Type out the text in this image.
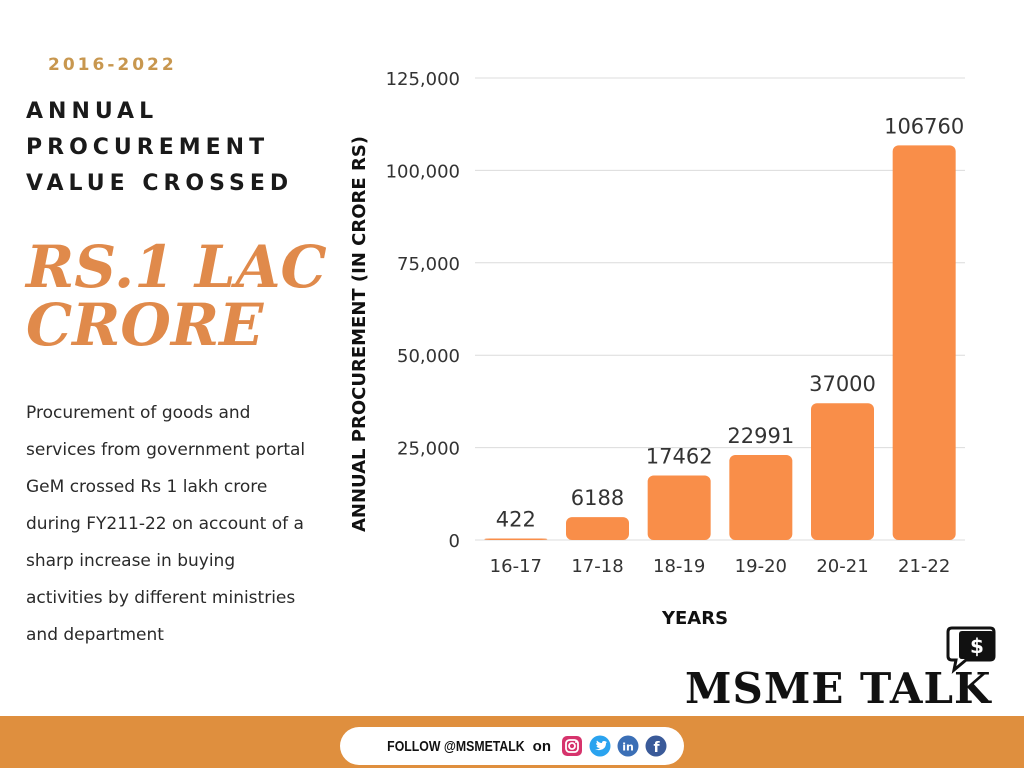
2016-2022
ANNUAL
PROCUREMENT
VALUE CROSSED
RS.1 LAC
CRORE
Procurement of goods and services from government portal GeM crossed Rs 1 lakh crore during FY211-22 on account of a sharp increase in buying activities by different ministries and department
0
25,000
50,000
75,000
100,000
125,000
422
16-17
6188
17-18
17462
18-19
22991
19-20
37000
20-21
106760
21-22
YEARS
ANNUAL PROCUREMENT (IN CRORE RS)
MSME TALK
$
FOLLOW @MSMETALK on	in f
